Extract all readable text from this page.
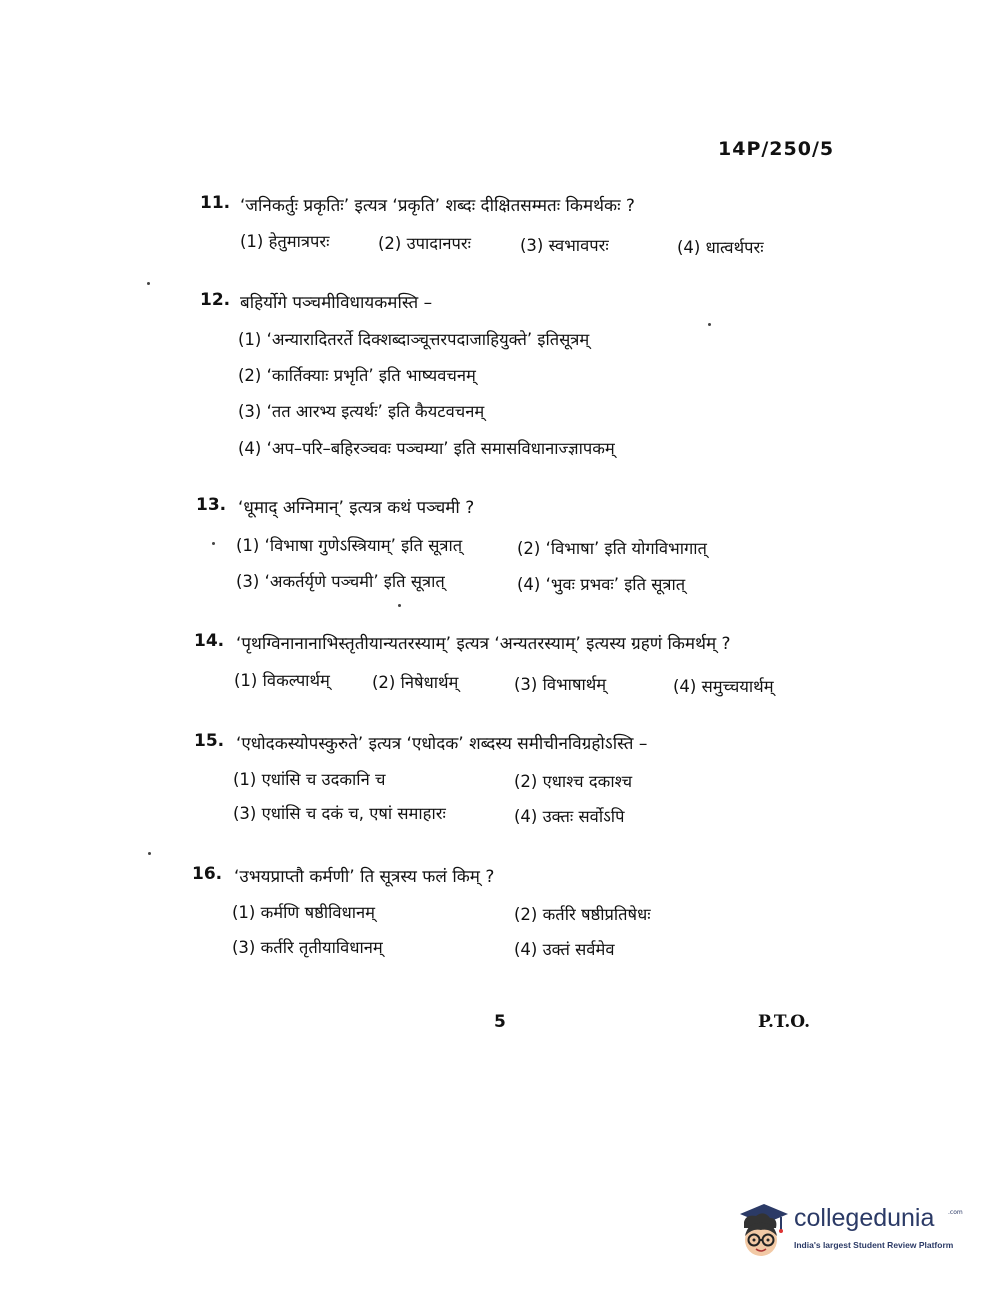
14P/250/5
11. ‘जनिकर्तुः प्रकृतिः’ इत्यत्र ‘प्रकृति’ शब्दः दीक्षितसम्मतः किमर्थकः ?
(1) हेतुमात्रपरः	(2) उपादानपरः	(3) स्वभावपरः	(4) धात्वर्थपरः
12. बहिर्योगे पञ्चमीविधायकमस्ति –
(1) ‘अन्यारादितरर्ते दिक्शब्दाञ्चूत्तरपदाजाहियुक्ते’ इतिसूत्रम्
(2) ‘कार्तिक्याः प्रभृति’ इति भाष्यवचनम्
(3) ‘तत आरभ्य इत्यर्थः’ इति कैयटवचनम्
(4) ‘अप–परि–बहिरञ्चवः पञ्चम्या’ इति समासविधानाज्ज्ञापकम्
13. ‘धूमाद् अग्निमान्’ इत्यत्र कथं पञ्चमी ?
(1) ‘विभाषा गुणेऽस्त्रियाम्’ इति सूत्रात्	(2) ‘विभाषा’ इति योगविभागात्
(3) ‘अकर्तर्यृणे पञ्चमी’ इति सूत्रात्	(4) ‘भुवः प्रभवः’ इति सूत्रात्
14. ‘पृथग्विनानानाभिस्तृतीयान्यतरस्याम्’ इत्यत्र ‘अन्यतरस्याम्’ इत्यस्य ग्रहणं किमर्थम् ?
(1) विकल्पार्थम्	(2) निषेधार्थम्	(3) विभाषार्थम्	(4) समुच्चयार्थम्
15. ‘एधोदकस्योपस्कुरुते’ इत्यत्र ‘एधोदक’ शब्दस्य समीचीनविग्रहोऽस्ति –
(1) एधांसि च उदकानि च	(2) एधाश्च दकाश्च
(3) एधांसि च दकं च, एषां समाहारः	(4) उक्तः सर्वोऽपि
16. ‘उभयप्राप्तौ कर्मणी’ ति सूत्रस्य फलं किम् ?
(1) कर्मणि षष्ठीविधानम्	(2) कर्तरि षष्ठीप्रतिषेधः
(3) कर्तरि तृतीयाविधानम्	(4) उक्तं सर्वमेव
5	P.T.O.
collegedunia .com
India's largest Student Review Platform
